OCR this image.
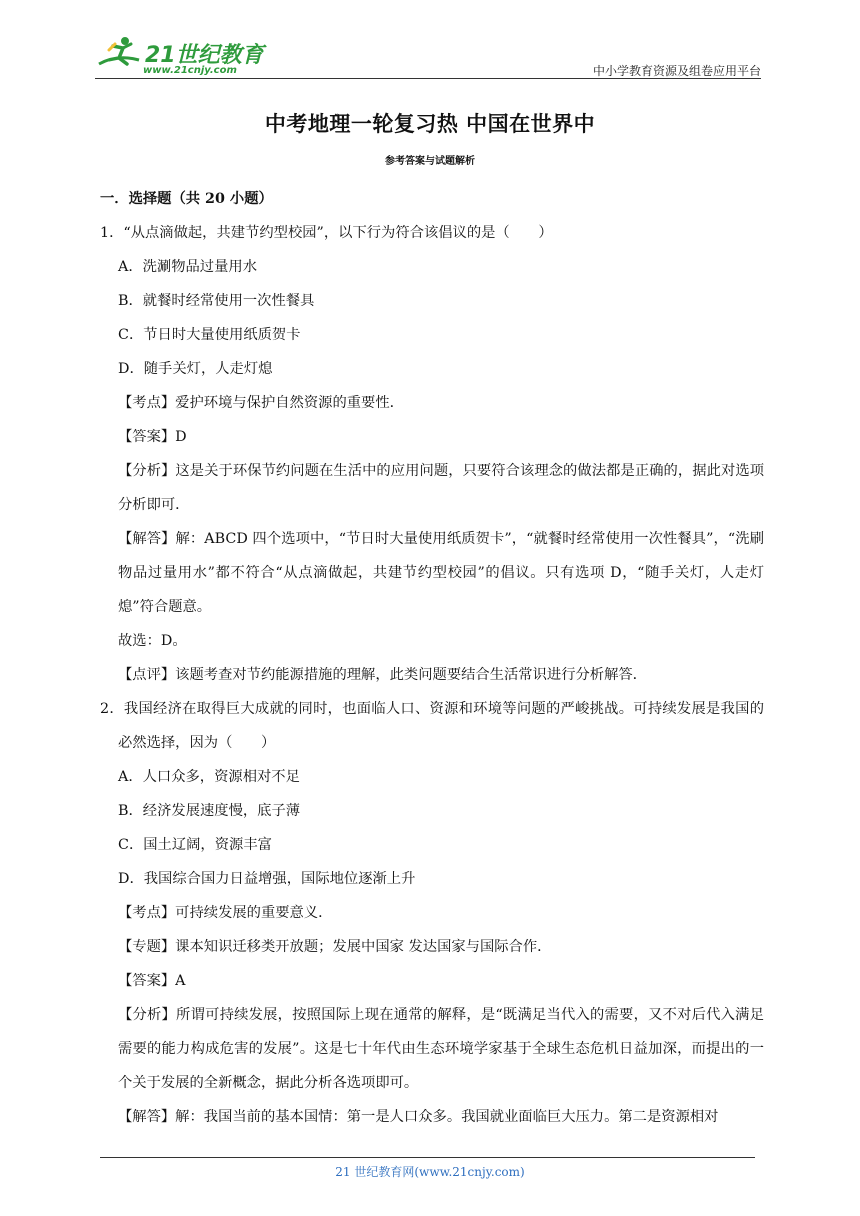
21世纪教育
www.21cnjy.com	中小学教育资源及组卷应用平台
中考地理一轮复习热 中国在世界中
参考答案与试题解析
一．选择题（共 20 小题）
1．“从点滴做起，共建节约型校园”，以下行为符合该倡议的是（　　）
A．洗涮物品过量用水
B．就餐时经常使用一次性餐具
C．节日时大量使用纸质贺卡
D．随手关灯，人走灯熄
【考点】爱护环境与保护自然资源的重要性．
【答案】D
【分析】这是关于环保节约问题在生活中的应用问题，只要符合该理念的做法都是正确的，据此对选项分析即可．
【解答】解：ABCD 四个选项中，“节日时大量使用纸质贺卡”，“就餐时经常使用一次性餐具”，“洗刷物品过量用水”都不符合“从点滴做起，共建节约型校园”的倡议。只有选项 D，“随手关灯，人走灯熄”符合题意。
故选：D。
【点评】该题考查对节约能源措施的理解，此类问题要结合生活常识进行分析解答．
2．我国经济在取得巨大成就的同时，也面临人口、资源和环境等问题的严峻挑战。可持续发展是我国的必然选择，因为（　　）
A．人口众多，资源相对不足
B．经济发展速度慢，底子薄
C．国土辽阔，资源丰富
D．我国综合国力日益增强，国际地位逐渐上升
【考点】可持续发展的重要意义．
【专题】课本知识迁移类开放题；发展中国家 发达国家与国际合作．
【答案】A
【分析】所谓可持续发展，按照国际上现在通常的解释，是“既满足当代入的需要，又不对后代入满足需要的能力构成危害的发展”。这是七十年代由生态环境学家基于全球生态危机日益加深，而提出的一个关于发展的全新概念，据此分析各选项即可。
【解答】解：我国当前的基本国情：第一是人口众多。我国就业面临巨大压力。第二是资源相对
21 世纪教育网(www.21cnjy.com)
